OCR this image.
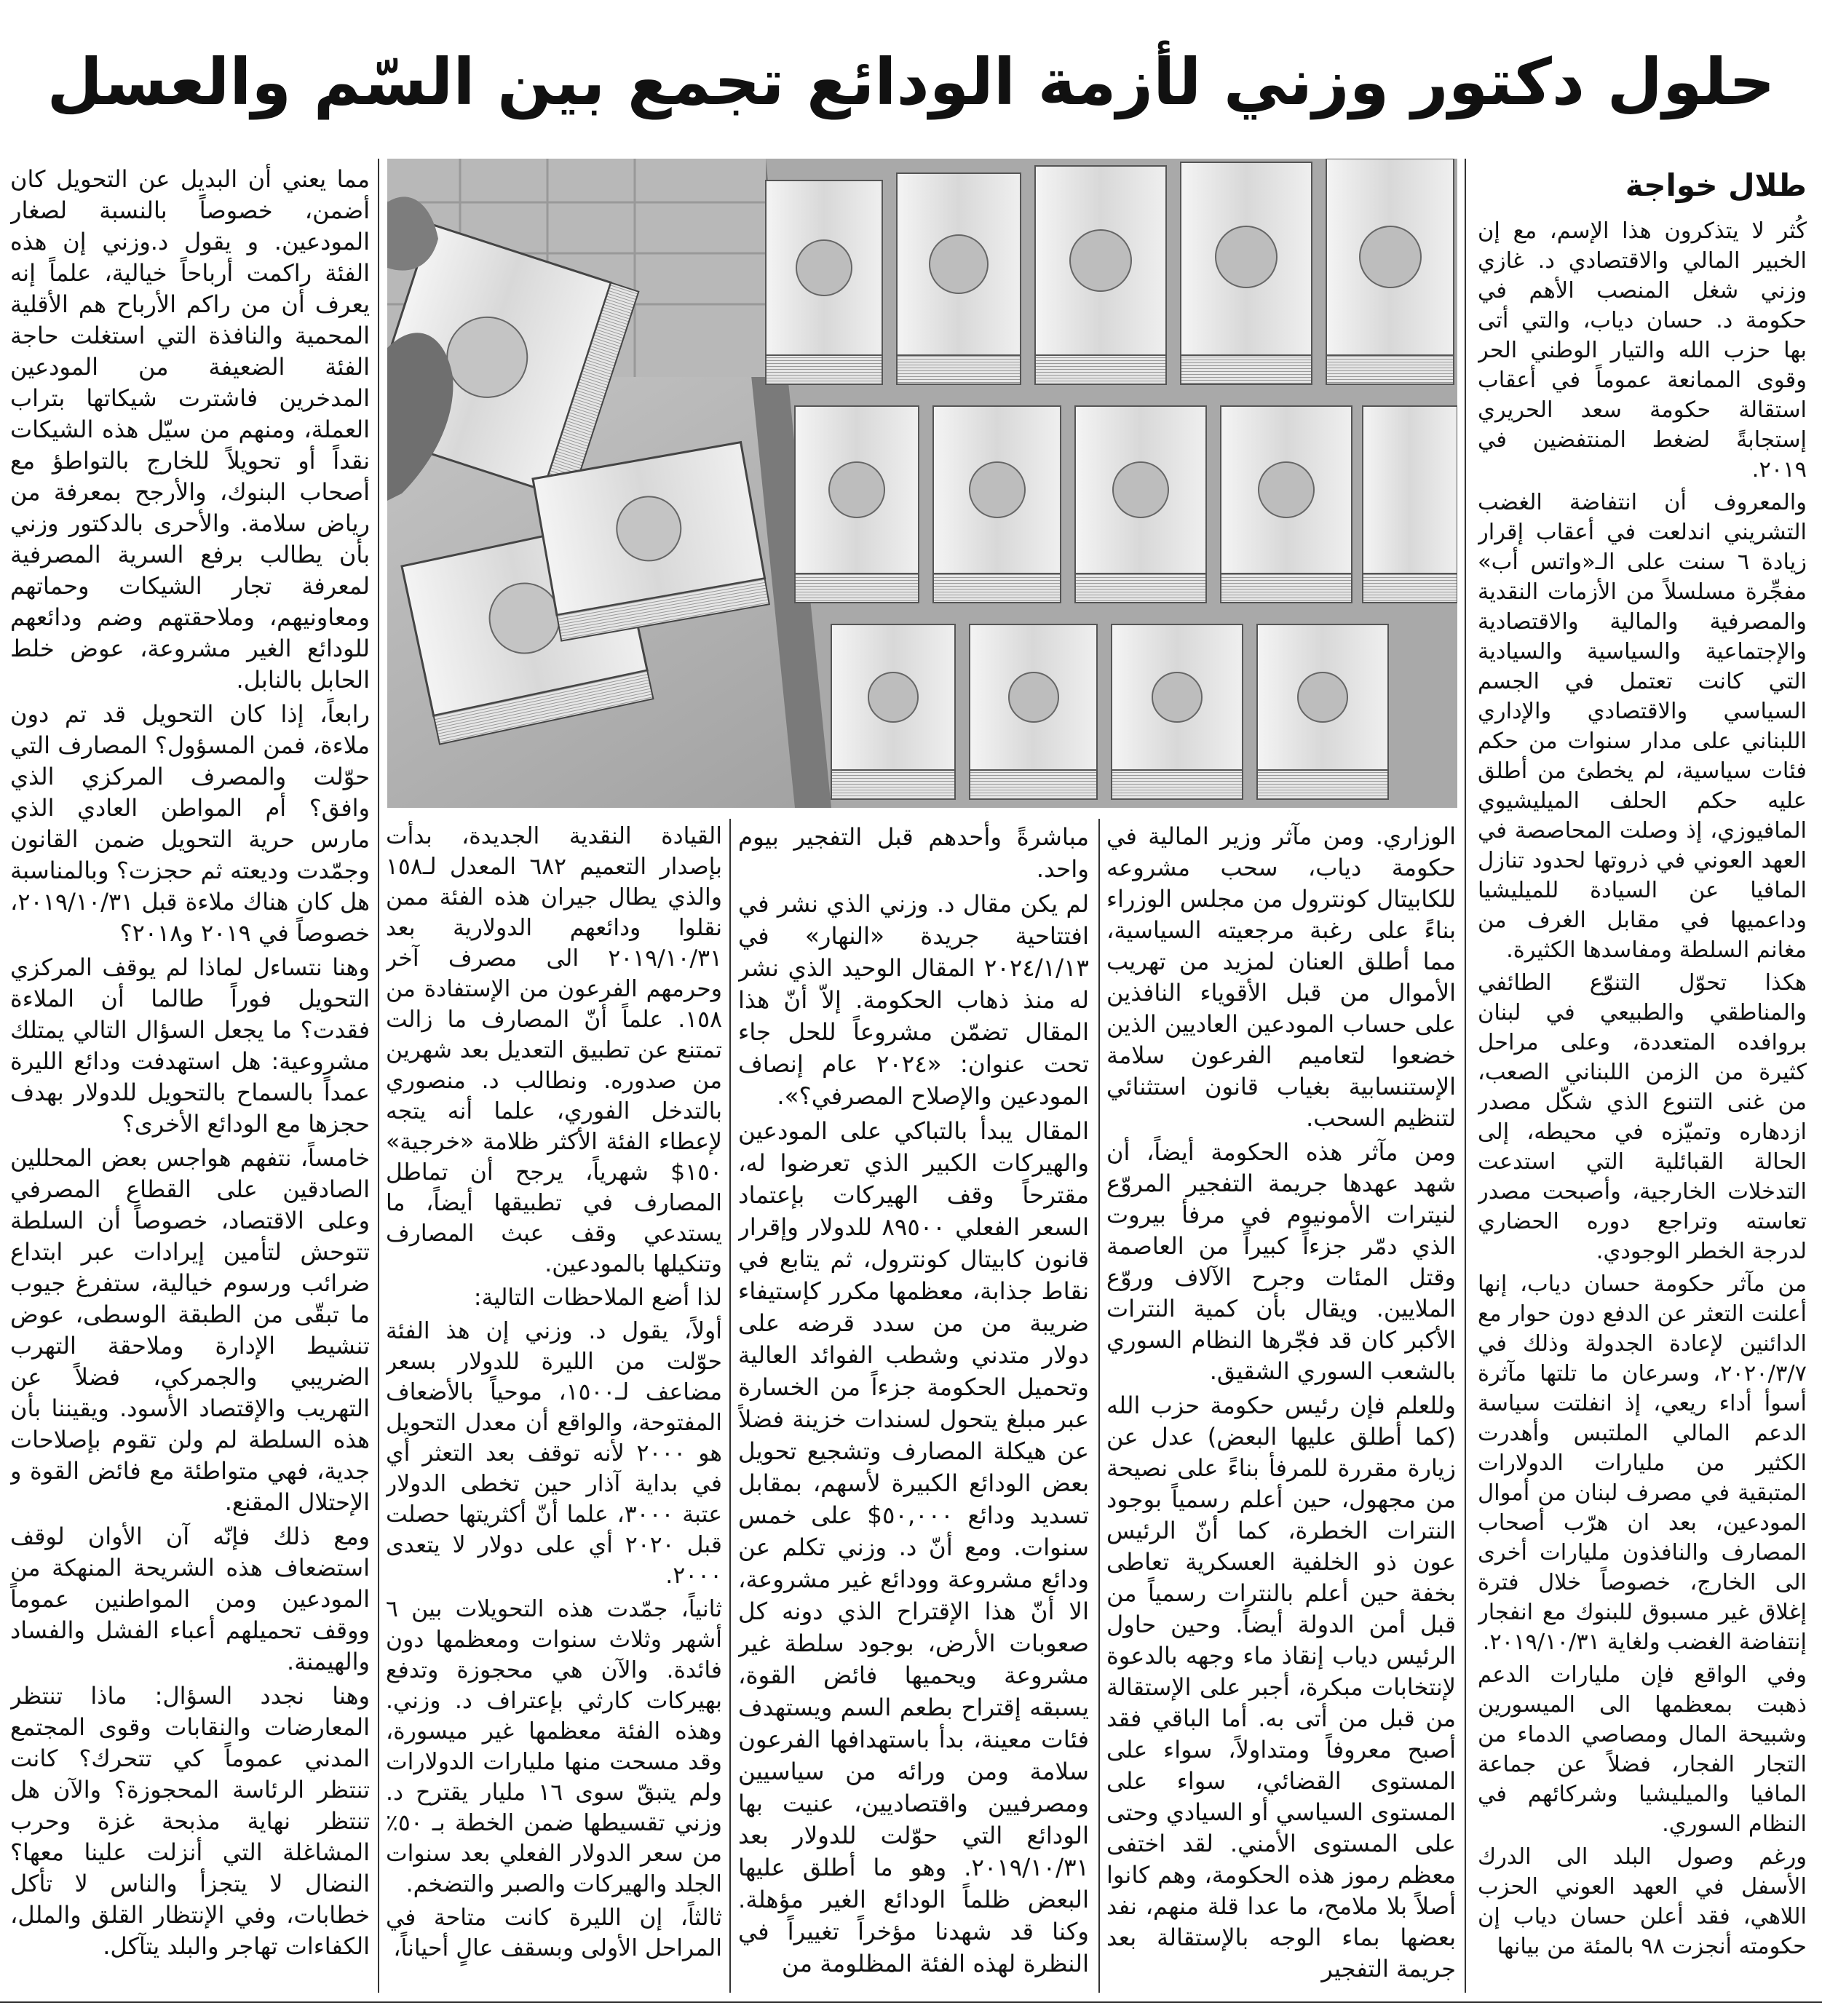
حلول دكتور وزني لأزمة الودائع تجمع بين السّم والعسل
طلال خواجة

كُثر لا يتذكرون هذا الإسم، مع إن الخبير المالي والاقتصادي د. غازي وزني شغل المنصب الأهم في حكومة د. حسان دياب، والتي أتى بها حزب الله والتيار الوطني الحر وقوى الممانعة عموماً في أعقاب استقالة حكومة سعد الحريري إستجابةً لضغط المنتفضين في ٢٠١٩.

والمعروف أن انتفاضة الغضب التشريني اندلعت في أعقاب إقرار زيادة ٦ سنت على الـ«واتس أب» مفجِّرة مسلسلاً من الأزمات النقدية والمصرفية والمالية والاقتصادية والإجتماعية والسياسية والسيادية التي كانت تعتمل في الجسم السياسي والاقتصادي والإداري اللبناني على مدار سنوات من حكم فئات سياسية، لم يخطئ من أطلق عليه حكم الحلف الميليشيوي المافيوزي، إذ وصلت المحاصصة في العهد العوني في ذروتها لحدود تنازل المافيا عن السيادة للميليشيا وداعميها في مقابل الغرف من مغانم السلطة ومفاسدها الكثيرة.

هكذا تحوّل التنوّع الطائفي والمناطقي والطبيعي في لبنان بروافده المتعددة، وعلى مراحل كثيرة من الزمن اللبناني الصعب، من غنى التنوع الذي شكّل مصدر ازدهاره وتميّزه في محيطه، إلى الحالة القبائلية التي استدعت التدخلات الخارجية، وأصبحت مصدر تعاسته وتراجع دوره الحضاري لدرجة الخطر الوجودي.

من مآثر حكومة حسان دياب، إنها أعلنت التعثر عن الدفع دون حوار مع الدائنين لإعادة الجدولة وذلك في ٢٠٢٠/٣/٧، وسرعان ما تلتها مآثرة أسوأ أداء ريعي، إذ انفلتت سياسة الدعم المالي الملتبس وأهدرت الكثير من مليارات الدولارات المتبقية في مصرف لبنان من أموال المودعين، بعد ان هرّب أصحاب المصارف والنافذون مليارات أخرى الى الخارج، خصوصاً خلال فترة إغلاق غير مسبوق للبنوك مع انفجار إنتفاضة الغضب ولغاية ٢٠١٩/١٠/٣١.

وفي الواقع فإن مليارات الدعم ذهبت بمعظمها الى الميسورين وشبيحة المال ومصاصي الدماء من التجار الفجار، فضلاً عن جماعة المافيا والميليشيا وشركائهم في النظام السوري.

ورغم وصول البلد الى الدرك الأسفل في العهد العوني الحزب اللاهي، فقد أعلن حسان دياب إن حكومته أنجزت ٩٨ بالمئة من بيانها

الوزاري. ومن مآثر وزير المالية في حكومة دياب، سحب مشروعه للكابيتال كونترول من مجلس الوزراء بناءً على رغبة مرجعيته السياسية، مما أطلق العنان لمزيد من تهريب الأموال من قبل الأقوياء النافذين على حساب المودعين العاديين الذين خضعوا لتعاميم الفرعون سلامة الإستنسابية بغياب قانون استثنائي لتنظيم السحب.

ومن مآثر هذه الحكومة أيضاً، أن شهد عهدها جريمة التفجير المروّع لنيترات الأمونيوم في مرفأ بيروت الذي دمّر جزءاً كبيراً من العاصمة وقتل المئات وجرح الآلاف وروّع الملايين. ويقال بأن كمية النترات الأكبر كان قد فجّرها النظام السوري بالشعب السوري الشقيق.

وللعلم فإن رئيس حكومة حزب الله (كما أطلق عليها البعض) عدل عن زيارة مقررة للمرفأ بناءً على نصيحة من مجهول، حين أعلم رسمياً بوجود النترات الخطرة، كما أنّ الرئيس عون ذو الخلفية العسكرية تعاطى بخفة حين أعلم بالنترات رسمياً من قبل أمن الدولة أيضاً. وحين حاول الرئيس دياب إنقاذ ماء وجهه بالدعوة لإنتخابات مبكرة، أجبر على الإستقالة من قبل من أتى به. أما الباقي فقد أصبح معروفاً ومتداولاً، سواء على المستوى القضائي، سواء على المستوى السياسي أو السيادي وحتى على المستوى الأمني. لقد اختفى معظم رموز هذه الحكومة، وهم كانوا أصلاً بلا ملامح، ما عدا قلة منهم، نفد بعضها بماء الوجه بالإستقالة بعد جريمة التفجير

مباشرةً وأحدهم قبل التفجير بيوم واحد.

لم يكن مقال د. وزني الذي نشر في افتتاحية جريدة «النهار» في ٢٠٢٤/١/١٣ المقال الوحيد الذي نشر له منذ ذهاب الحكومة. إلاّ أنّ هذا المقال تضمّن مشروعاً للحل جاء تحت عنوان: «٢٠٢٤ عام إنصاف المودعين والإصلاح المصرفي؟».

المقال يبدأ بالتباكي على المودعين والهيركات الكبير الذي تعرضوا له، مقترحاً وقف الهيركات بإعتماد السعر الفعلي ٨٩٥٠٠ للدولار وإقرار قانون كابيتال كونترول، ثم يتابع في نقاط جذابة، معظمها مكرر كإستيفاء ضريبة من من سدد قرضه على دولار متدني وشطب الفوائد العالية وتحميل الحكومة جزءاً من الخسارة عبر مبلغ يتحول لسندات خزينة فضلاً عن هيكلة المصارف وتشجيع تحويل بعض الودائع الكبيرة لأسهم، بمقابل تسديد ودائع ٥٠,٠٠٠$ على خمس سنوات. ومع أنّ د. وزني تكلم عن ودائع مشروعة وودائع غير مشروعة، الا أنّ هذا الإقتراح الذي دونه كل صعوبات الأرض، بوجود سلطة غير مشروعة ويحميها فائض القوة، يسبقه إقتراح بطعم السم ويستهدف فئات معينة، بدأ باستهدافها الفرعون سلامة ومن ورائه من سياسيين ومصرفيين واقتصاديين، عنيت بها الودائع التي حوّلت للدولار بعد ٢٠١٩/١٠/٣١. وهو ما أطلق عليها البعض ظلماً الودائع الغير مؤهلة. وكنا قد شهدنا مؤخراً تغييراً في النظرة لهذه الفئة المظلومة من

القيادة النقدية الجديدة، بدأت بإصدار التعميم ٦٨٢ المعدل لـ١٥٨ والذي يطال جيران هذه الفئة ممن نقلوا ودائعهم الدولارية بعد ٢٠١٩/١٠/٣١ الى مصرف آخر وحرمهم الفرعون من الإستفادة من ١٥٨. علماً أنّ المصارف ما زالت تمتنع عن تطبيق التعديل بعد شهرين من صدوره. ونطالب د. منصوري بالتدخل الفوري، علما أنه يتجه لإعطاء الفئة الأكثر ظلامة «خرجية» ١٥٠$ شهرياً، يرجح أن تماطل المصارف في تطبيقها أيضاً، ما يستدعي وقف عبث المصارف وتنكيلها بالمودعين.

لذا أضع الملاحظات التالية:

أولاً، يقول د. وزني إن هذ الفئة حوّلت من الليرة للدولار بسعر مضاعف لـ١٥٠٠، موحياً بالأضعاف المفتوحة، والواقع أن معدل التحويل هو ٢٠٠٠ لأنه توقف بعد التعثر أي في بداية آذار حين تخطى الدولار عتبة ٣٠٠٠، علما أنّ أكثريتها حصلت قبل ٢٠٢٠ أي على دولار لا يتعدى ٢٠٠٠.

ثانياً، جمّدت هذه التحويلات بين ٦ أشهر وثلاث سنوات ومعظمها دون فائدة. والآن هي محجوزة وتدفع بهيركات كارثي بإعتراف د. وزني. وهذه الفئة معظمها غير ميسورة، وقد مسحت منها مليارات الدولارات ولم يتبقّ سوى ١٦ مليار يقترح د. وزني تقسيطها ضمن الخطة بـ ٥٠٪ من سعر الدولار الفعلي بعد سنوات الجلد والهيركات والصبر والتضخم.

ثالثاً، إن الليرة كانت متاحة في المراحل الأولى وبسقف عالٍ أحياناً،

مما يعني أن البديل عن التحويل كان أضمن، خصوصاً بالنسبة لصغار المودعين. و يقول د.وزني إن هذه الفئة راكمت أرباحاً خيالية، علماً إنه يعرف أن من راكم الأرباح هم الأقلية المحمية والنافذة التي استغلت حاجة الفئة الضعيفة من المودعين المدخرين فاشترت شيكاتها بتراب العملة، ومنهم من سيّل هذه الشيكات نقداً أو تحويلاً للخارج بالتواطؤ مع أصحاب البنوك، والأرجح بمعرفة من رياض سلامة. والأحرى بالدكتور وزني بأن يطالب برفع السرية المصرفية لمعرفة تجار الشيكات وحماتهم ومعاونيهم، وملاحقتهم وضم ودائعهم للودائع الغير مشروعة، عوض خلط الحابل بالنابل.

رابعاً، إذا كان التحويل قد تم دون ملاءة، فمن المسؤول؟ المصارف التي حوّلت والمصرف المركزي الذي وافق؟ أم المواطن العادي الذي مارس حرية التحويل ضمن القانون وجمّدت وديعته ثم حجزت؟ وبالمناسبة هل كان هناك ملاءة قبل ٢٠١٩/١٠/٣١، خصوصاً في ٢٠١٩ و٢٠١٨؟

وهنا نتساءل لماذا لم يوقف المركزي التحويل فوراً طالما أن الملاءة فقدت؟ ما يجعل السؤال التالي يمتلك مشروعية: هل استهدفت ودائع الليرة عمداً بالسماح بالتحويل للدولار بهدف حجزها مع الودائع الأخرى؟

خامساً، نتفهم هواجس بعض المحللين الصادقين على القطاع المصرفي وعلى الاقتصاد، خصوصاً أن السلطة تتوحش لتأمين إيرادات عبر ابتداع ضرائب ورسوم خيالية، ستفرغ جيوب ما تبقّى من الطبقة الوسطى، عوض تنشيط الإدارة وملاحقة التهرب الضريبي والجمركي، فضلاً عن التهريب والإقتصاد الأسود. ويقيننا بأن هذه السلطة لم ولن تقوم بإصلاحات جدية، فهي متواطئة مع فائض القوة و الإحتلال المقنع.

ومع ذلك فإنّه آن الأوان لوقف استضعاف هذه الشريحة المنهكة من المودعين ومن المواطنين عموماً ووقف تحميلهم أعباء الفشل والفساد والهيمنة.

وهنا نجدد السؤال: ماذا تنتظر المعارضات والنقابات وقوى المجتمع المدني عموماً كي تتحرك؟ كانت تنتظر الرئاسة المحجوزة؟ والآن هل تنتظر نهاية مذبحة غزة وحرب المشاغلة التي أنزلت علينا معها؟ النضال لا يتجزأ والناس لا تأكل خطابات، وفي الإنتظار القلق والملل، الكفاءات تهاجر والبلد يتآكل.
